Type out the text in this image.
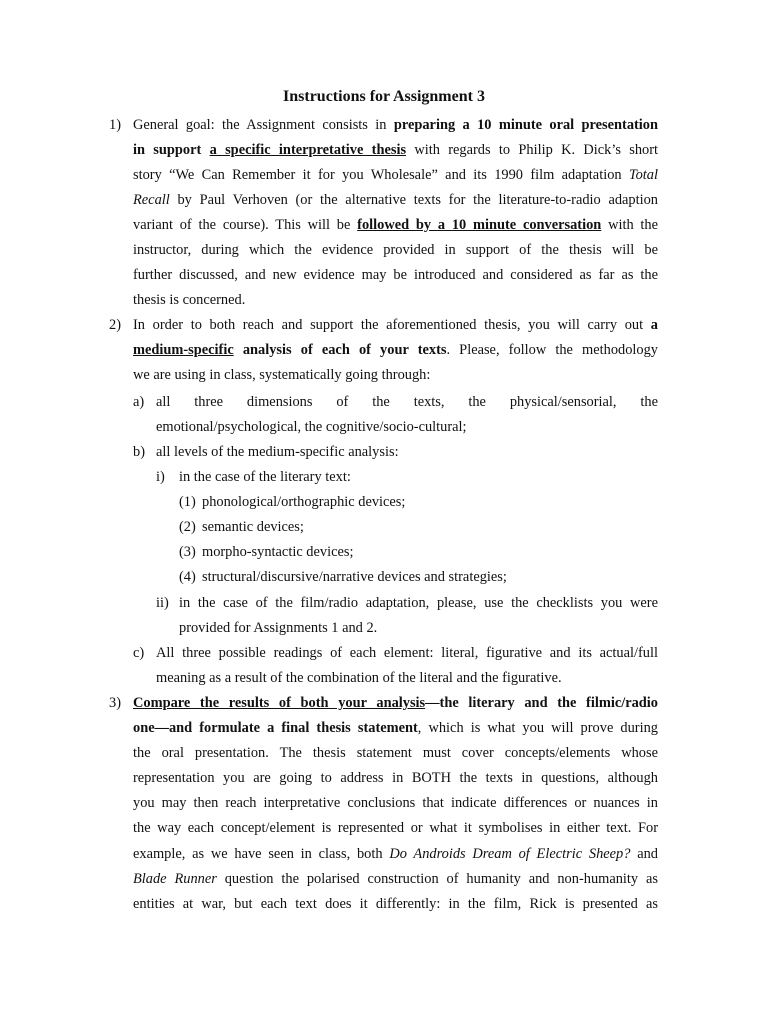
Instructions for Assignment 3
1) General goal: the Assignment consists in preparing a 10 minute oral presentation
in support a specific interpretative thesis with regards to Philip K. Dick’s short
story “We Can Remember it for you Wholesale” and its 1990 film adaptation Total
Recall by Paul Verhoven (or the alternative texts for the literature-to-radio adaption
variant of the course). This will be followed by a 10 minute conversation with the
instructor, during which the evidence provided in support of the thesis will be
further discussed, and new evidence may be introduced and considered as far as the
thesis is concerned.
2) In order to both reach and support the aforementioned thesis, you will carry out a
medium-specific analysis of each of your texts. Please, follow the methodology
we are using in class, systematically going through:
a) all three dimensions of the texts, the physical/sensorial, the
emotional/psychological, the cognitive/socio-cultural;
b) all levels of the medium-specific analysis:
i) in the case of the literary text:
(1) phonological/orthographic devices;
(2) semantic devices;
(3) morpho-syntactic devices;
(4) structural/discursive/narrative devices and strategies;
ii) in the case of the film/radio adaptation, please, use the checklists you were
provided for Assignments 1 and 2.
c) All three possible readings of each element: literal, figurative and its actual/full
meaning as a result of the combination of the literal and the figurative.
3) Compare the results of both your analysis—the literary and the filmic/radio
one—and formulate a final thesis statement, which is what you will prove during
the oral presentation. The thesis statement must cover concepts/elements whose
representation you are going to address in BOTH the texts in questions, although
you may then reach interpretative conclusions that indicate differences or nuances in
the way each concept/element is represented or what it symbolises in either text. For
example, as we have seen in class, both Do Androids Dream of Electric Sheep? and
Blade Runner question the polarised construction of humanity and non-humanity as
entities at war, but each text does it differently: in the film, Rick is presented as
